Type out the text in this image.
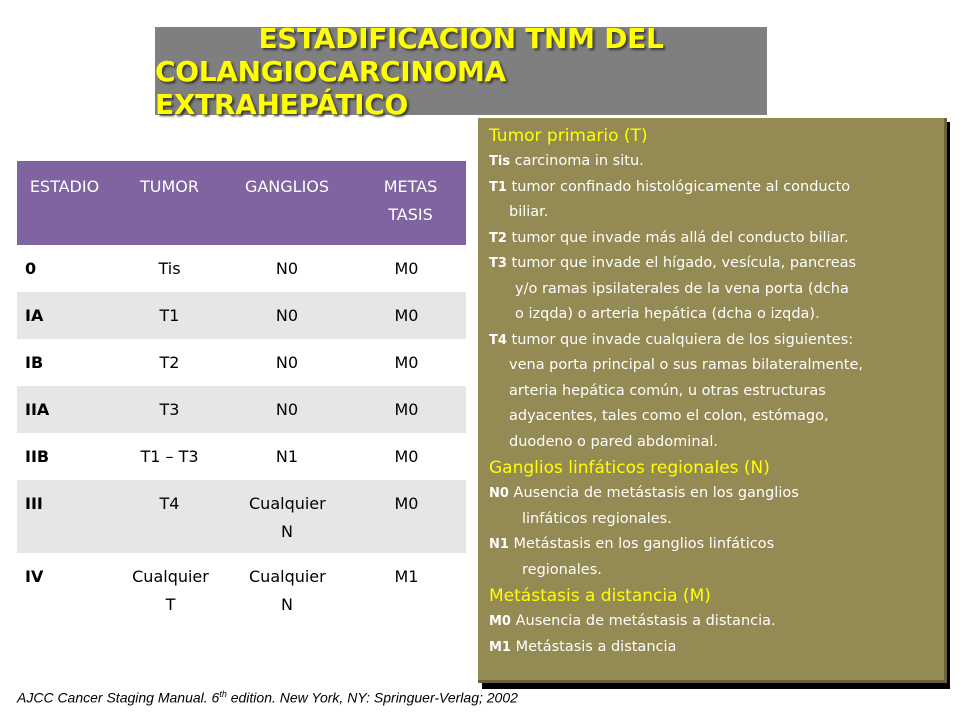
ESTADIFICACION TNM DEL
COLANGIOCARCINOMA EXTRAHEPÁTICO
ESTADIO	TUMOR	GANGLIOS	METAS TASIS
0	Tis	N0	M0
IA	T1	N0	M0
IB	T2	N0	M0
IIA	T3	N0	M0
IIB	T1 – T3	N1	M0
III	T4	Cualquier N	M0
IV	Cualquier T	Cualquier N	M1
Tumor primario (T)
Tis carcinoma in situ.
T1 tumor confinado histológicamente al conducto
biliar.
T2 tumor que invade más allá del conducto biliar.
T3 tumor que invade el hígado, vesícula, pancreas
y/o ramas ipsilaterales de la vena porta (dcha
o izqda) o arteria hepática (dcha o izqda).
T4 tumor que invade cualquiera de los siguientes:
vena porta principal o sus ramas bilateralmente,
arteria hepática común, u otras estructuras
adyacentes, tales como el colon, estómago,
duodeno o pared abdominal.
Ganglios linfáticos regionales (N)
N0 Ausencia de metástasis en los ganglios
linfáticos regionales.
N1 Metástasis en los ganglios linfáticos
regionales.
Metástasis a distancia (M)
M0 Ausencia de metástasis a distancia.
M1 Metástasis a distancia
AJCC Cancer Staging Manual. 6th edition. New York, NY: Springuer-Verlag; 2002
